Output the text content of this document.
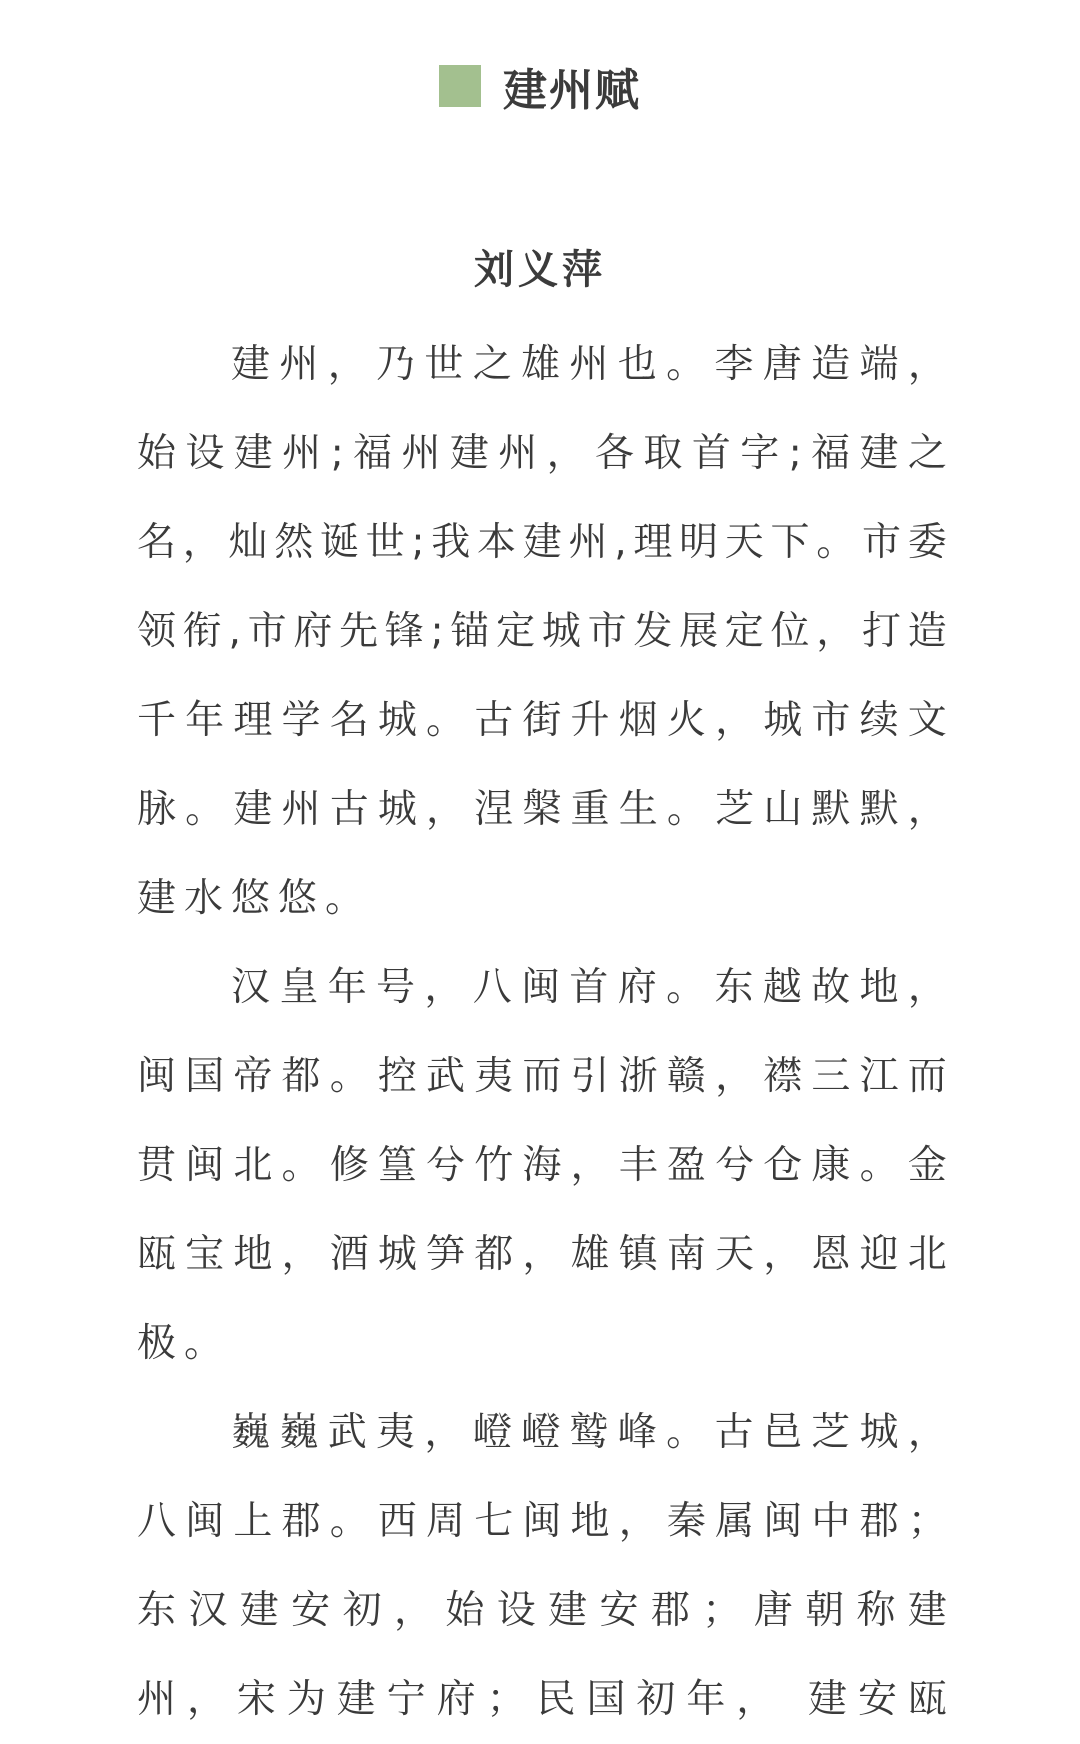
建州赋
刘义萍
建 州 ， 乃 世 之 雄 州 也 。 李 唐 造 端 ，
始 设 建 州 ; 福 州 建 州 ， 各 取 首 字 ; 福 建 之
名 ， 灿 然 诞 世 ; 我 本 建 州 , 理 明 天 下 。 市 委
领 衔 , 市 府 先 锋 ; 锚 定 城 市 发 展 定 位 ， 打 造
千 年 理 学 名 城 。 古 街 升 烟 火 ， 城 市 续 文
脉 。 建 州 古 城 ， 涅 槃 重 生 。 芝 山 默 默 ，
建水悠悠。
汉 皇 年 号 ， 八 闽 首 府 。 东 越 故 地 ，
闽 国 帝 都 。 控 武 夷 而 引 浙 赣 ， 襟 三 江 而
贯 闽 北 。 修 篁 兮 竹 海 ， 丰 盈 兮 仓 康 。 金
瓯 宝 地 ， 酒 城 笋 都 ， 雄 镇 南 天 ， 恩 迎 北
极。
巍 巍 武 夷 ， 嶝 嶝 鹫 峰 。 古 邑 芝 城 ，
八 闽 上 郡 。 西 周 七 闽 地 ， 秦 属 闽 中 郡 ；
东 汉 建 安 初 ， 始 设 建 安 郡 ； 唐 朝 称 建
州 ， 宋 为 建 宁 府 ； 民 国 初 年 ， 建 安 瓯
